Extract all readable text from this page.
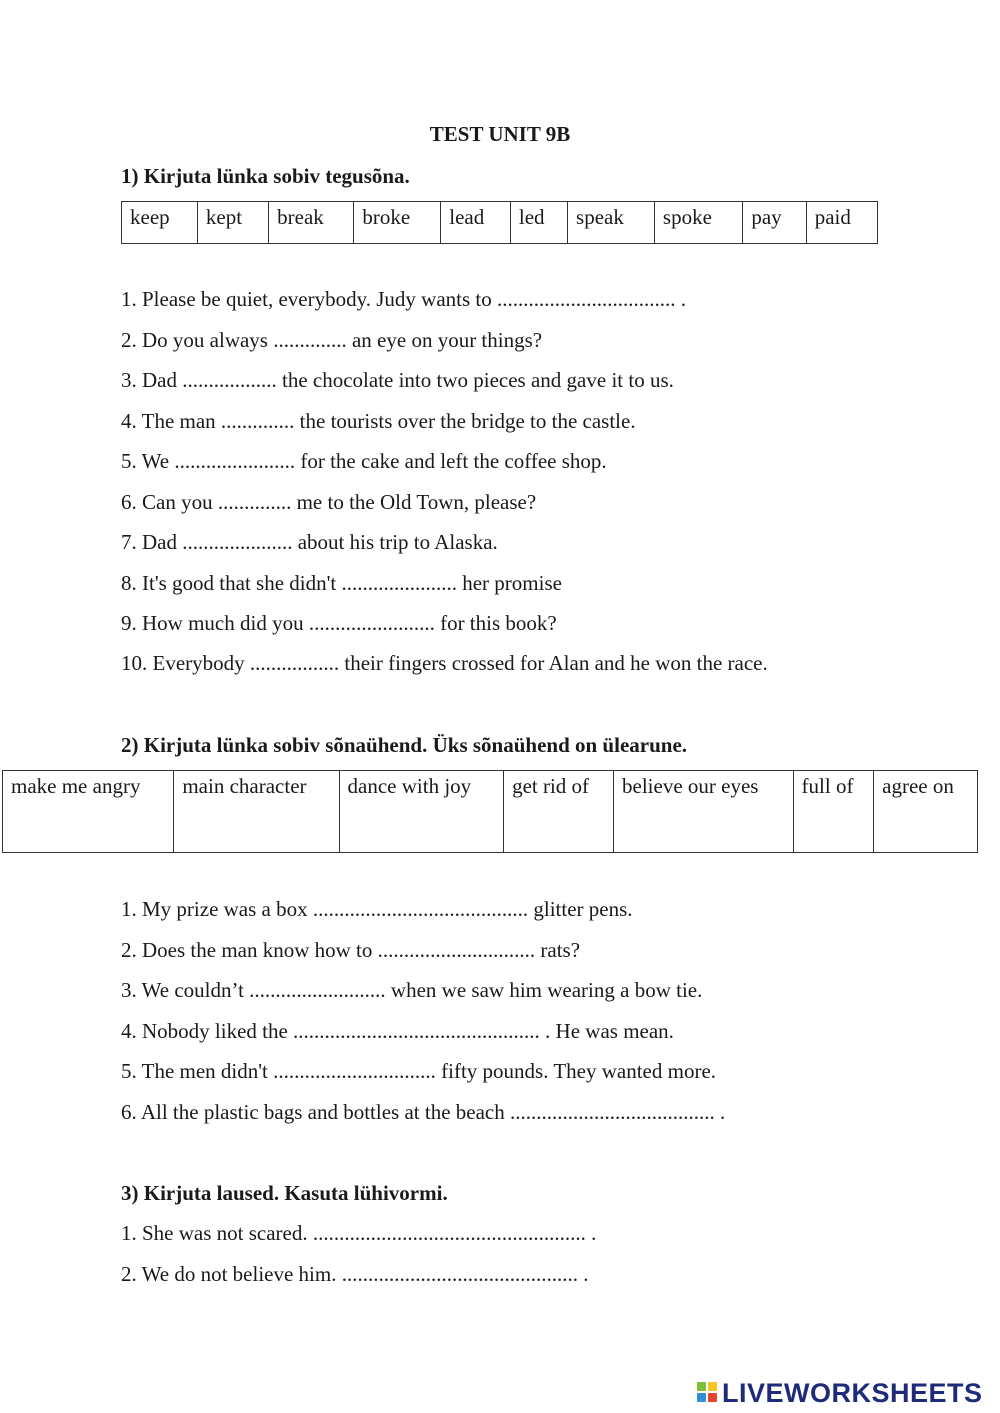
TEST UNIT 9B
1) Kirjuta lünka sobiv tegusõna.
keep	kept	break	broke	lead	led	speak	spoke	pay	paid
1. Please be quiet, everybody. Judy wants to .................................. .
2. Do you always .............. an eye on your things?
3. Dad .................. the chocolate into two pieces and gave it to us.
4. The man .............. the tourists over the bridge to the castle.
5. We ....................... for the cake and left the coffee shop.
6. Can you .............. me to the Old Town, please?
7. Dad ..................... about his trip to Alaska.
8. It's good that she didn't ...................... her promise
9. How much did you ........................ for this book?
10. Everybody ................. their fingers crossed for Alan and he won the race.
2) Kirjuta lünka sobiv sõnaühend. Üks sõnaühend on ülearune.
make me angry	main character	dance with joy	get rid of	believe our eyes	full of	agree on
1. My prize was a box ......................................... glitter pens.
2. Does the man know how to .............................. rats?
3. We couldn’t .......................... when we saw him wearing a bow tie.
4. Nobody liked the ............................................... . He was mean.
5. The men didn't ............................... fifty pounds. They wanted more.
6. All the plastic bags and bottles at the beach ....................................... .
3) Kirjuta laused. Kasuta lühivormi.
1. She was not scared. .................................................... .
2. We do not believe him. ............................................. .
LIVEWORKSHEETS
